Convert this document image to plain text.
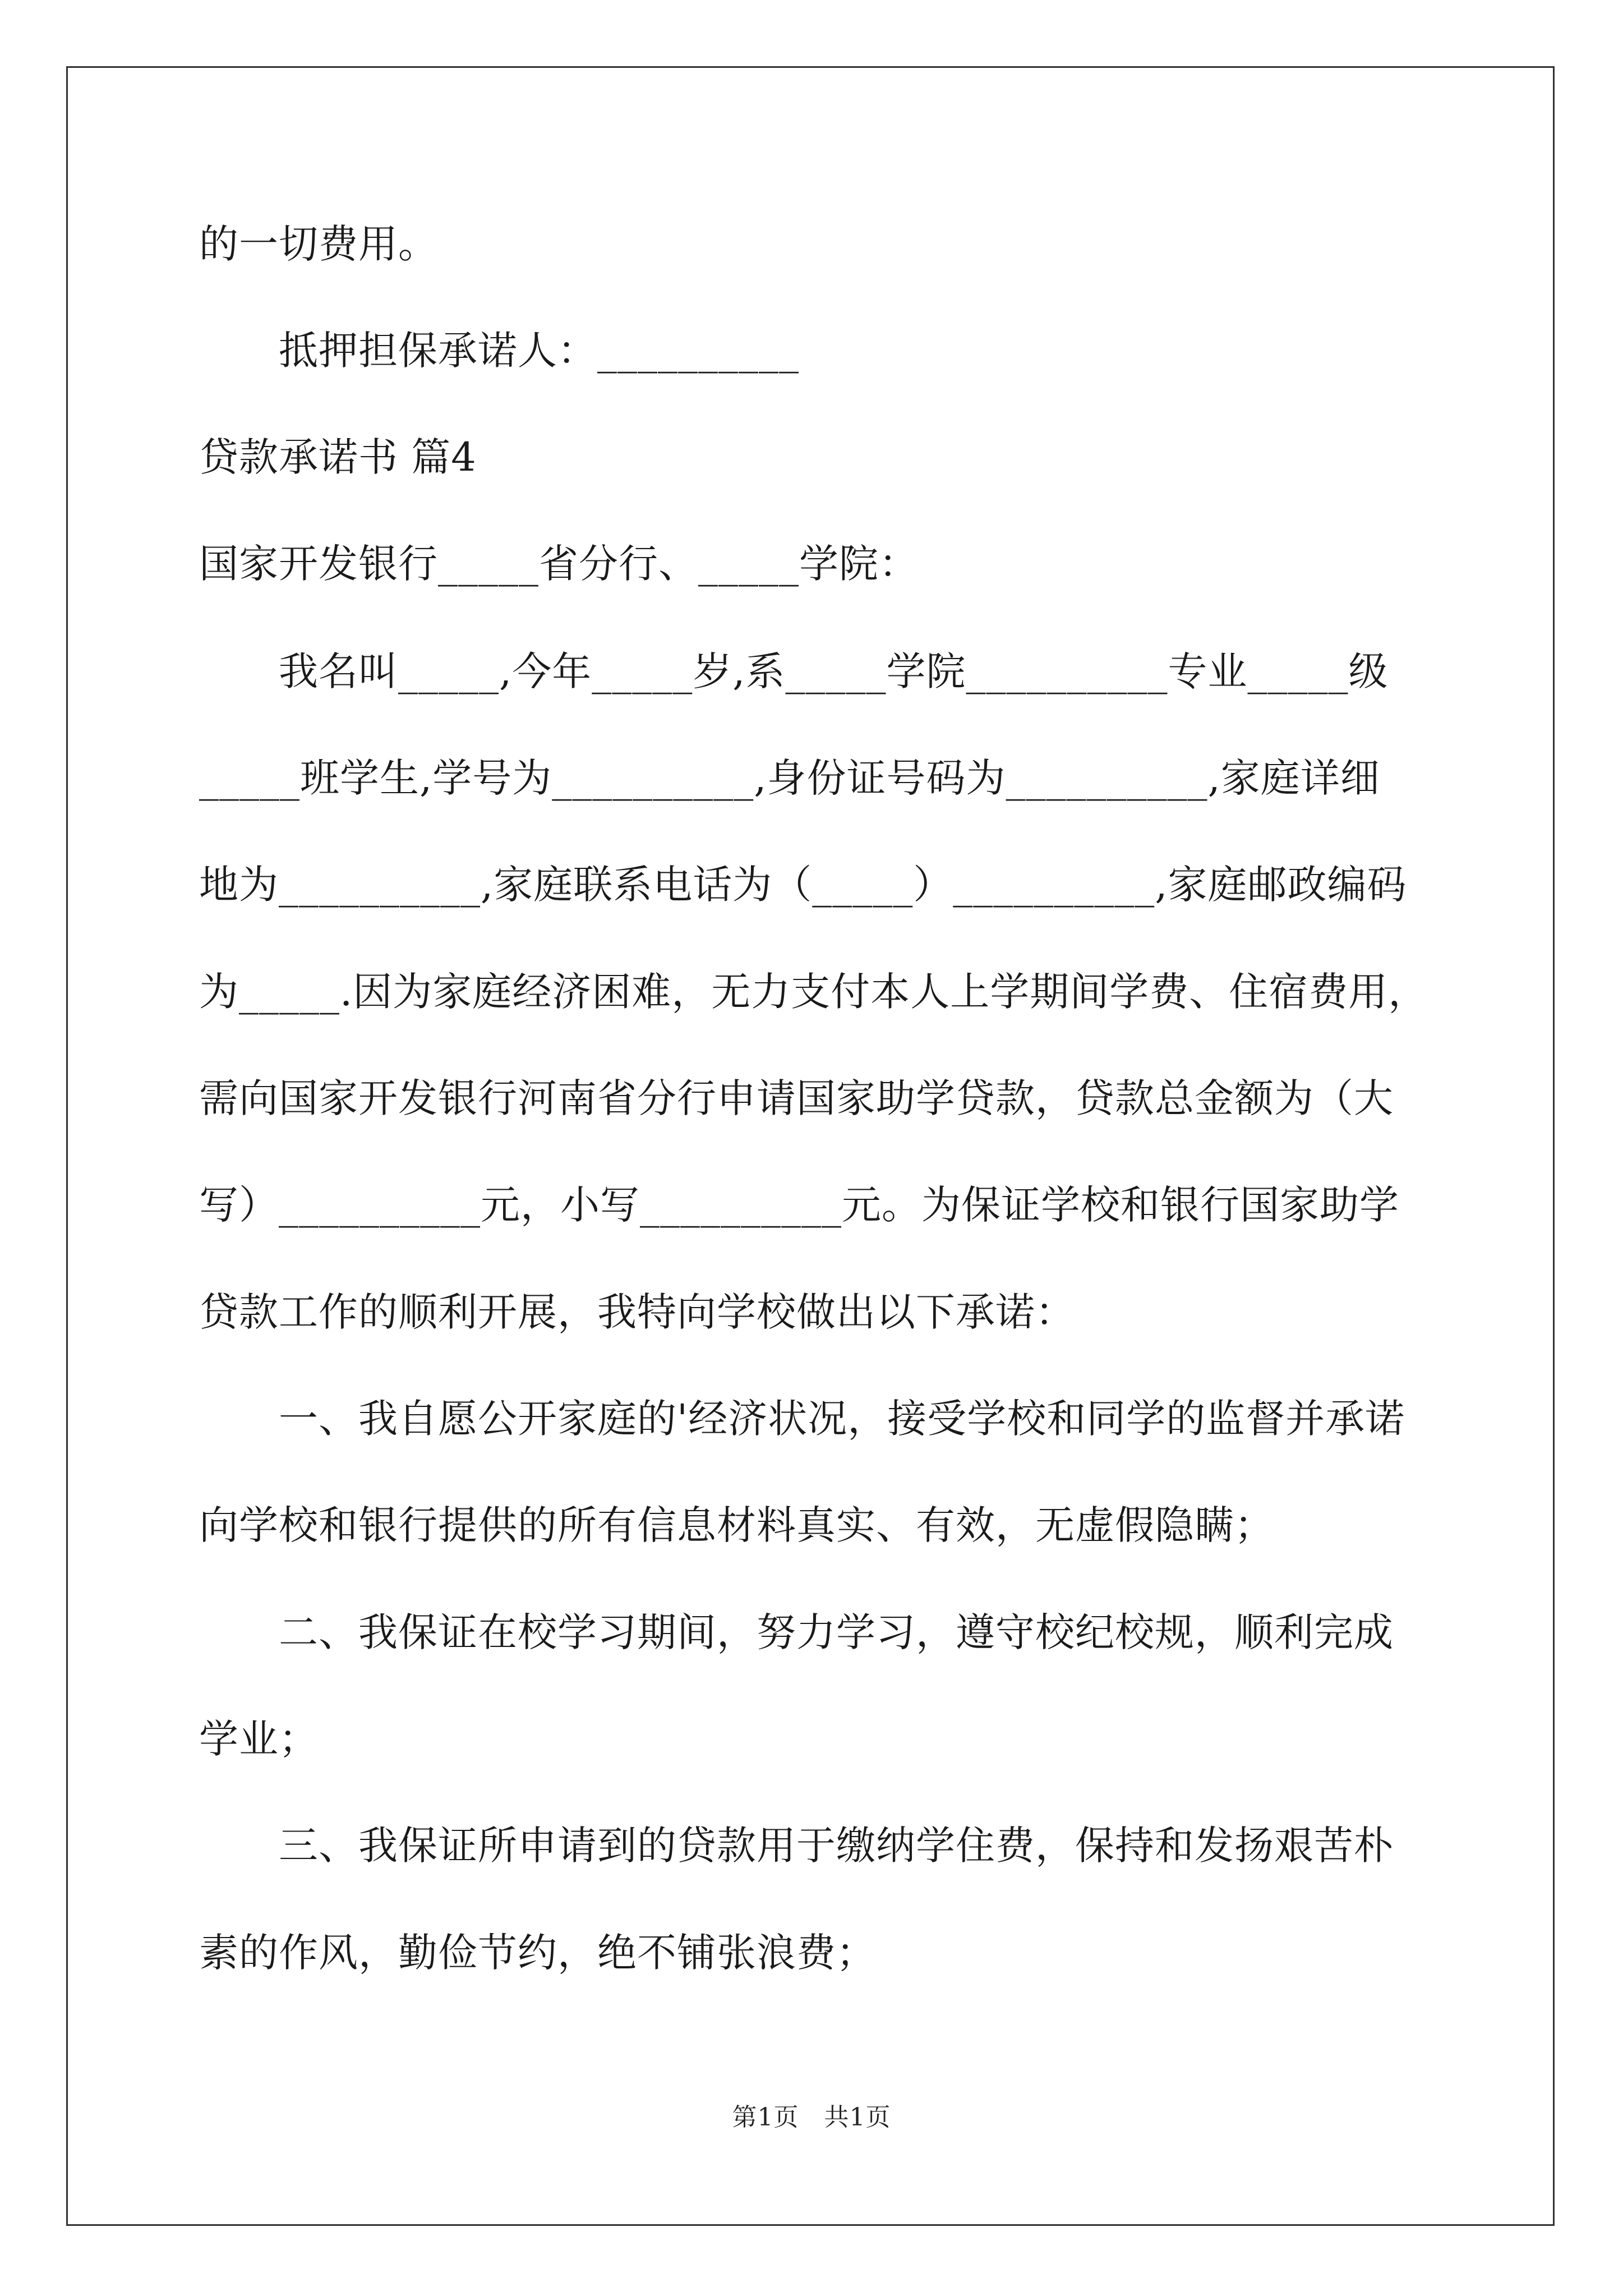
的一切费用。
抵押担保承诺人：__________
贷款承诺书 篇4
国家开发银行_____省分行、_____学院：
我名叫_____,今年_____岁,系_____学院__________专业_____级
_____班学生,学号为__________,身份证号码为__________,家庭详细
地为__________,家庭联系电话为（_____）__________,家庭邮政编码
为_____.因为家庭经济困难，无力支付本人上学期间学费、住宿费用，
需向国家开发银行河南省分行申请国家助学贷款，贷款总金额为（大
写）__________元，小写__________元。为保证学校和银行国家助学
贷款工作的顺利开展，我特向学校做出以下承诺：
一、我自愿公开家庭的'经济状况，接受学校和同学的监督并承诺
向学校和银行提供的所有信息材料真实、有效，无虚假隐瞒；
二、我保证在校学习期间，努力学习，遵守校纪校规，顺利完成
学业；
三、我保证所申请到的贷款用于缴纳学住费，保持和发扬艰苦朴
素的作风，勤俭节约，绝不铺张浪费；
第1页　共1页
